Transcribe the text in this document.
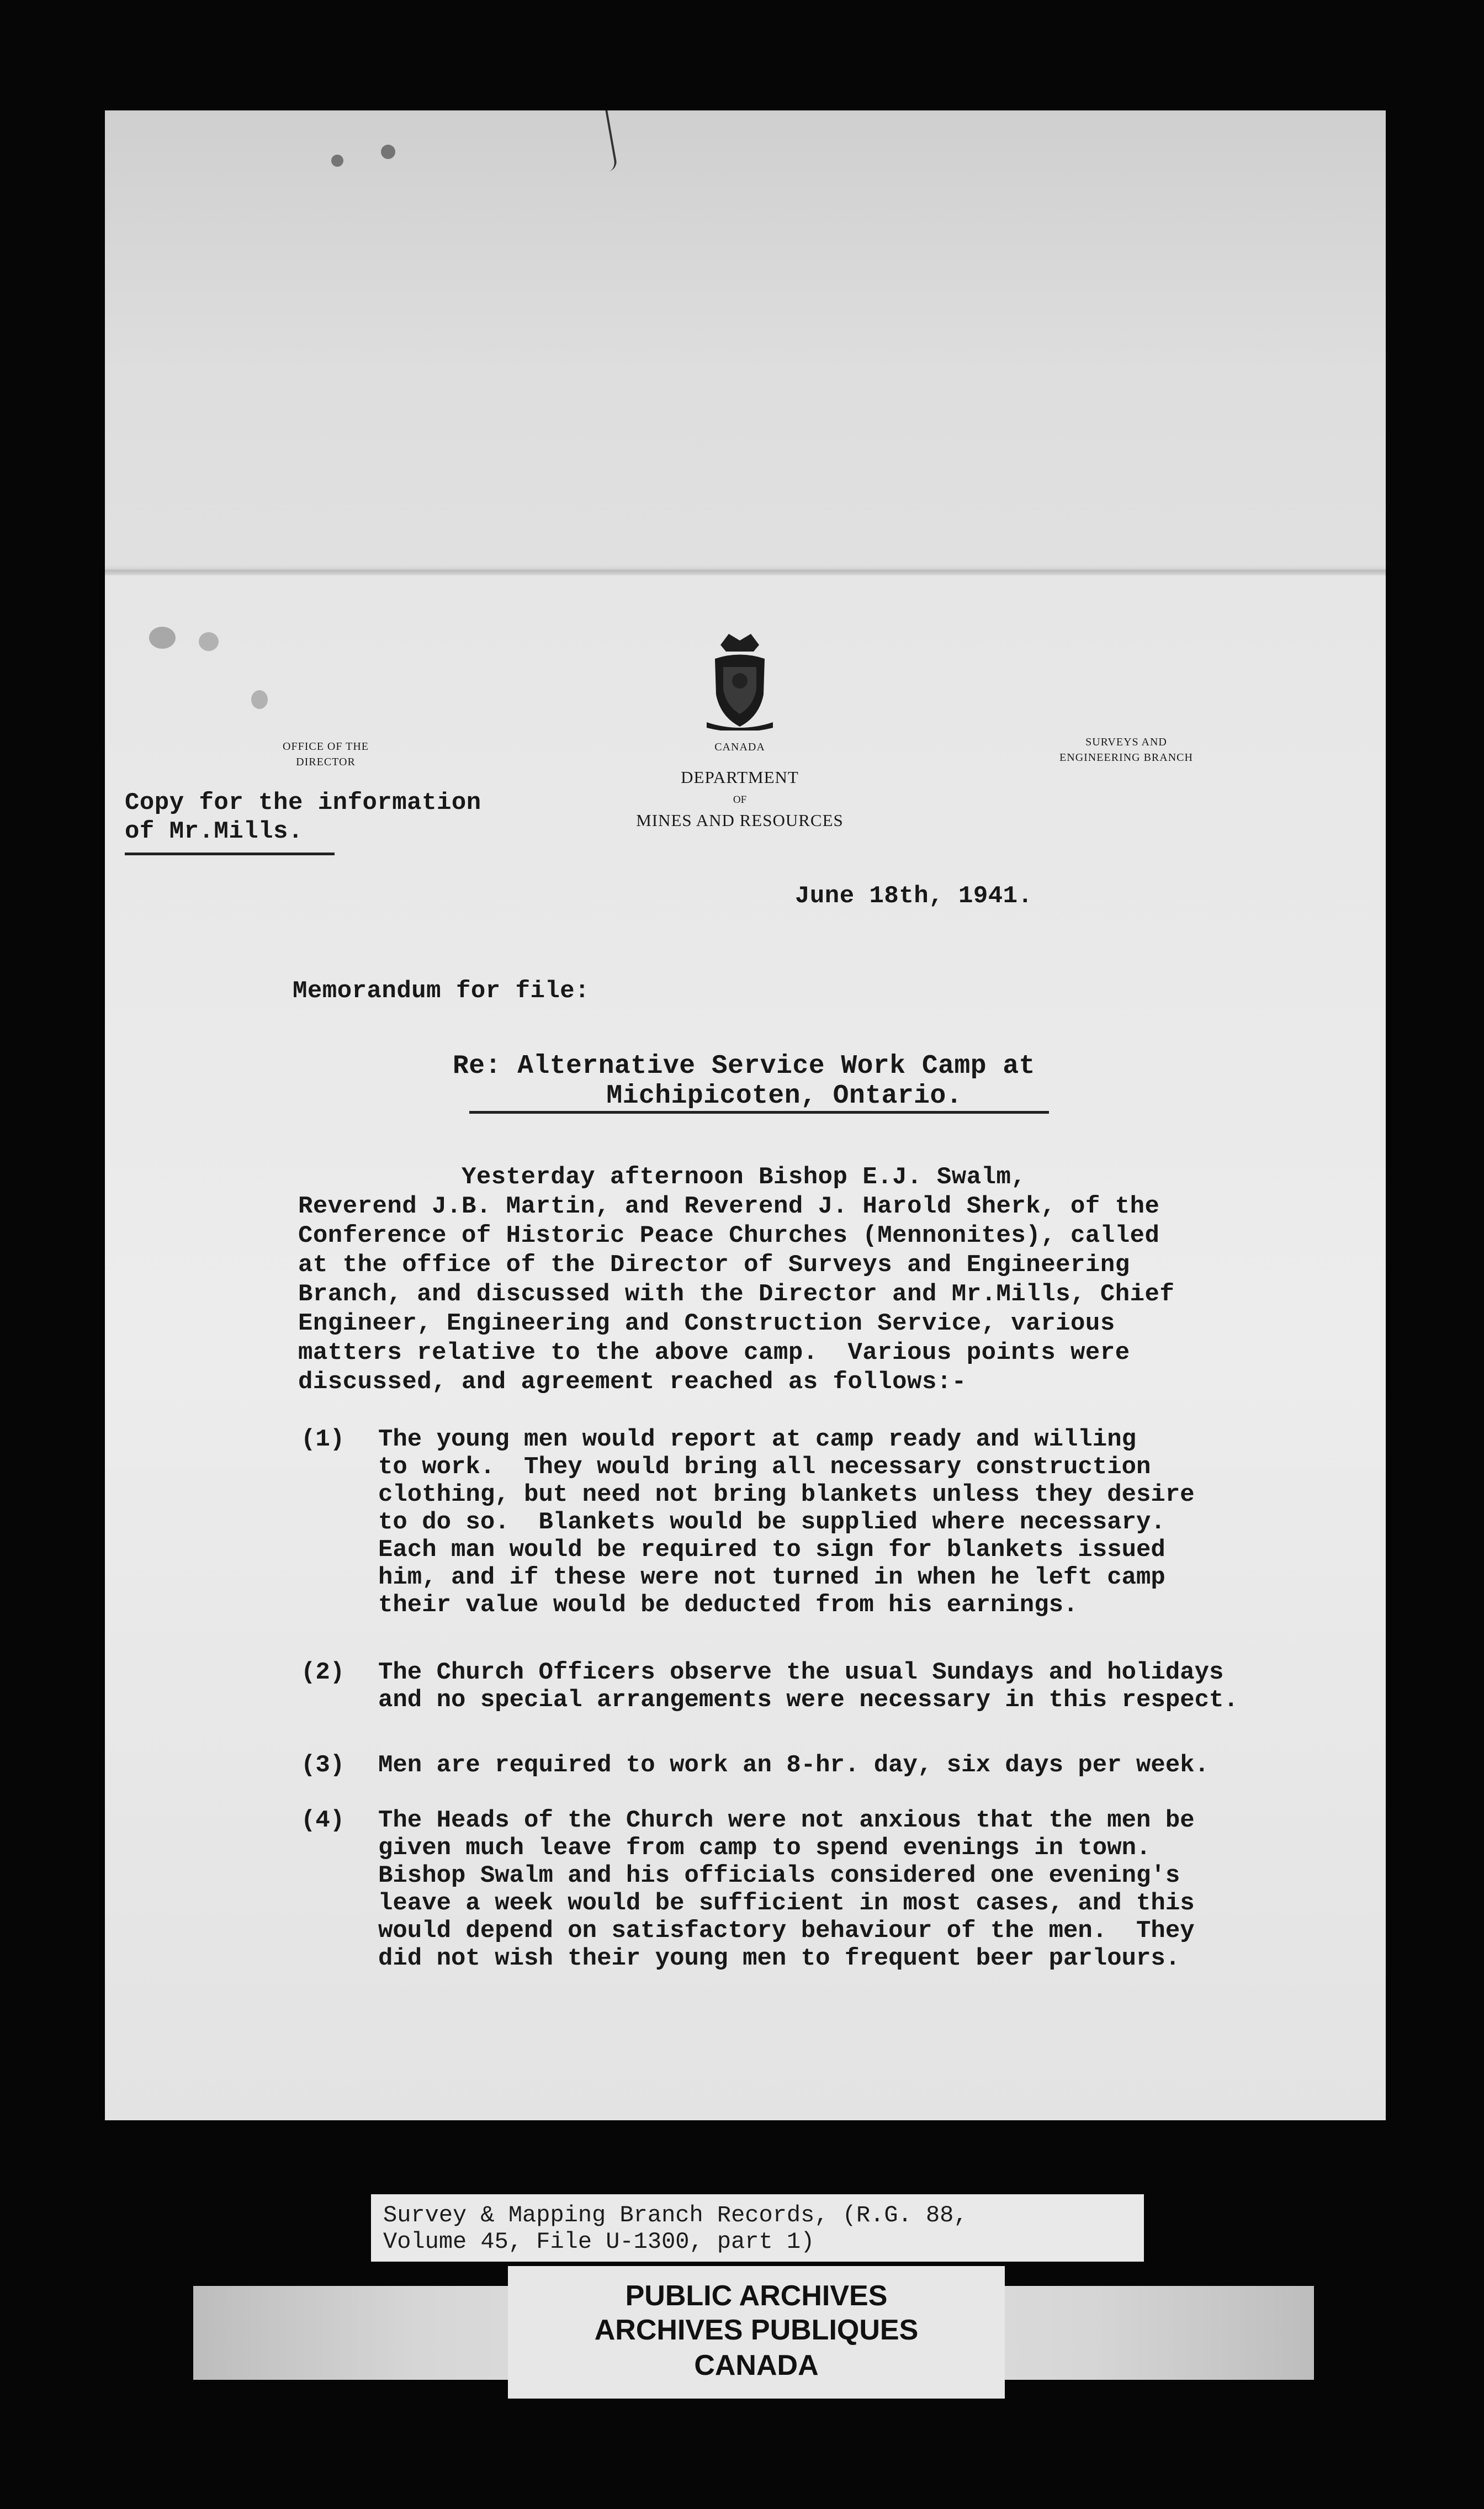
OFFICE OF THE
DIRECTOR
SURVEYS AND
ENGINEERING BRANCH
CANADA
DEPARTMENT
OF
MINES AND RESOURCES
Copy for the information
of Mr.Mills.
June 18th, 1941.
Memorandum for file:
Re: Alternative Service Work Camp at
Michipicoten, Ontario.
Yesterday afternoon Bishop E.J. Swalm,
Reverend J.B. Martin, and Reverend J. Harold Sherk, of the
Conference of Historic Peace Churches (Mennonites), called
at the office of the Director of Surveys and Engineering
Branch, and discussed with the Director and Mr.Mills, Chief
Engineer, Engineering and Construction Service, various
matters relative to the above camp.  Various points were
discussed, and agreement reached as follows:-

(1)

The young men would report at camp ready and willing
to work.  They would bring all necessary construction
clothing, but need not bring blankets unless they desire
to do so.  Blankets would be supplied where necessary.
Each man would be required to sign for blankets issued
him, and if these were not turned in when he left camp
their value would be deducted from his earnings.

(2)

The Church Officers observe the usual Sundays and holidays
and no special arrangements were necessary in this respect.

(3)

Men are required to work an 8-hr. day, six days per week.

(4)

The Heads of the Church were not anxious that the men be
given much leave from camp to spend evenings in town.
Bishop Swalm and his officials considered one evening's
leave a week would be sufficient in most cases, and this
would depend on satisfactory behaviour of the men.  They
did not wish their young men to frequent beer parlours.

Survey & Mapping Branch Records, (R.G. 88,
Volume 45, File U-1300, part 1)
PUBLIC ARCHIVES
ARCHIVES PUBLIQUES
CANADA
